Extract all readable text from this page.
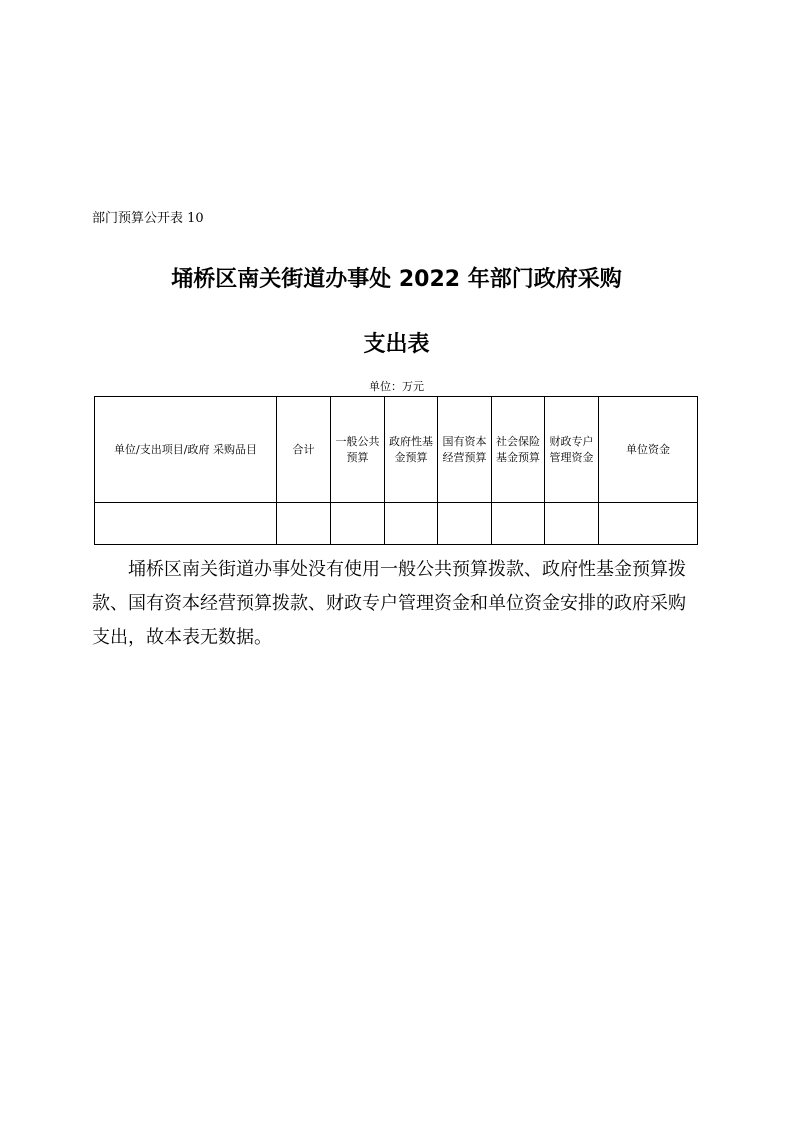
部门预算公开表 10
埇桥区南关街道办事处 2022 年部门政府采购
支出表
单位：万元
单位/支出项目/政府 采购品目	合计	一般公共预算	政府性基金预算	国有资本经营预算	社会保险基金预算	财政专户管理资金	单位资金

埇桥区南关街道办事处没有使用一般公共预算拨款、政府性基金预算拨款、国有资本经营预算拨款、财政专户管理资金和单位资金安排的政府采购支出，故本表无数据。
